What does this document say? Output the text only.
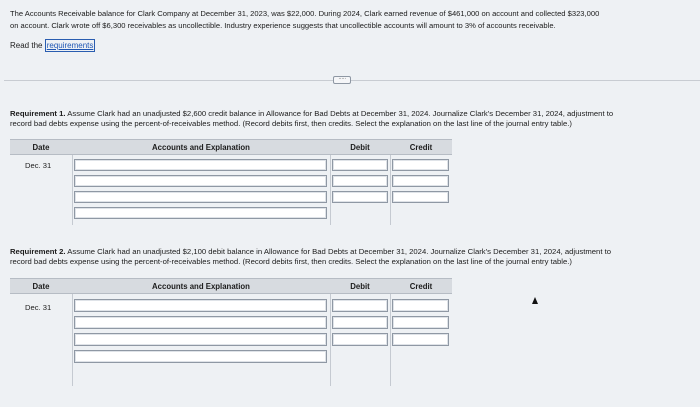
The Accounts Receivable balance for Clark Company at December 31, 2023, was $22,000. During 2024, Clark earned revenue of $461,000 on account and collected $323,000
on account. Clark wrote off $6,300 receivables as uncollectible. Industry experience suggests that uncollectible accounts will amount to 3% of accounts receivable.
Read the requirements
·····
Requirement 1. Assume Clark had an unadjusted $2,600 credit balance in Allowance for Bad Debts at December 31, 2024. Journalize Clark's December 31, 2024, adjustment to
record bad debts expense using the percent-of-receivables method. (Record debits first, then credits. Select the explanation on the last line of the journal entry table.)
Date	Accounts and Explanation	Debit	Credit
Dec. 31
Requirement 2. Assume Clark had an unadjusted $2,100 debit balance in Allowance for Bad Debts at December 31, 2024. Journalize Clark's December 31, 2024, adjustment to
record bad debts expense using the percent-of-receivables method. (Record debits first, then credits. Select the explanation on the last line of the journal entry table.)
Date	Accounts and Explanation	Debit	Credit
Dec. 31
